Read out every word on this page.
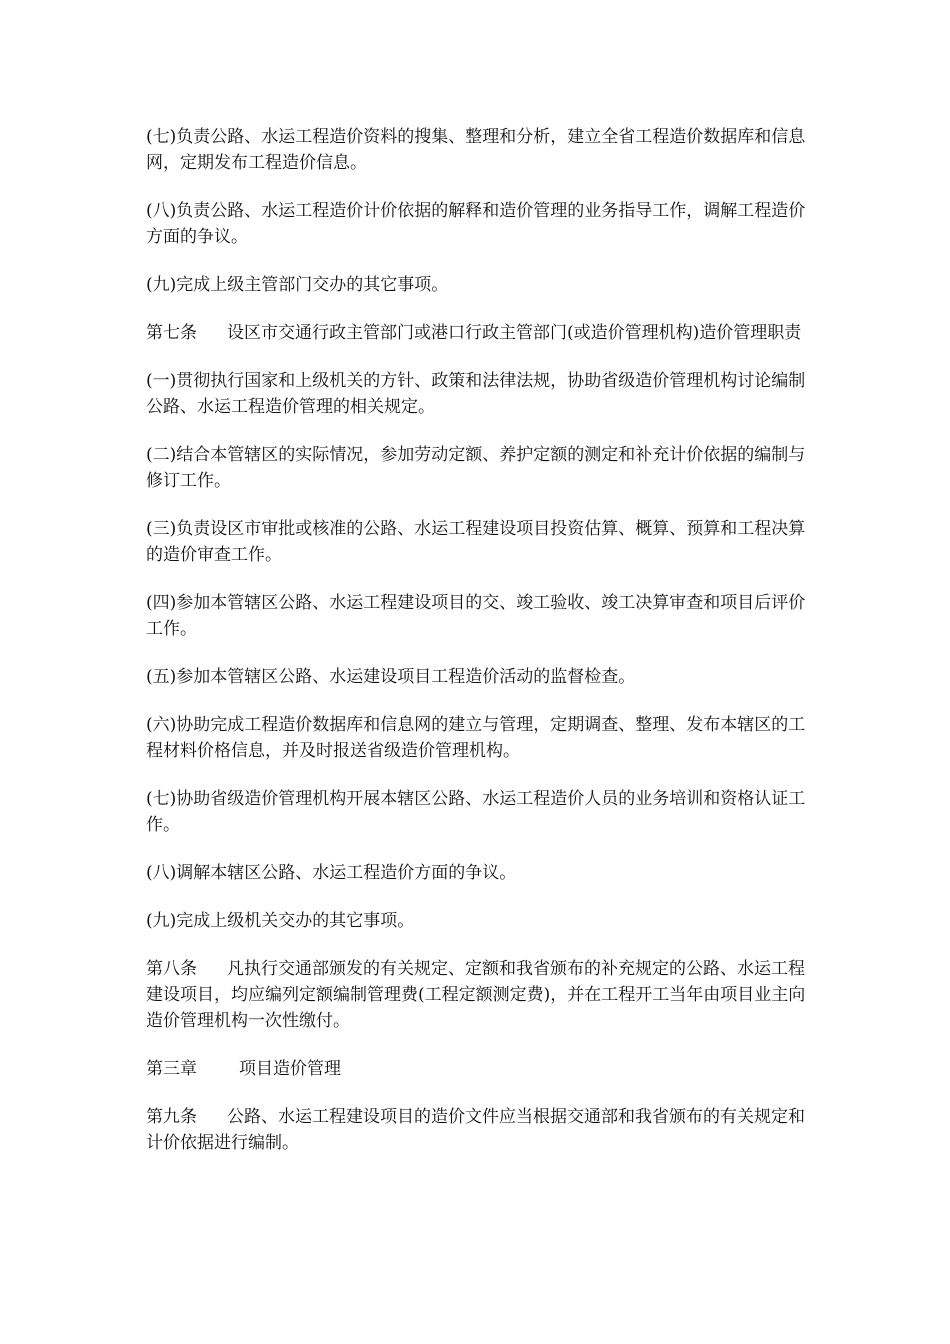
(七)负责公路、水运工程造价资料的搜集、整理和分析，建立全省工程造价数据库和信息网，定期发布工程造价信息。

(八)负责公路、水运工程造价计价依据的解释和造价管理的业务指导工作，调解工程造价方面的争议。

(九)完成上级主管部门交办的其它事项。

第七条 设区市交通行政主管部门或港口行政主管部门(或造价管理机构)造价管理职责

(一)贯彻执行国家和上级机关的方针、政策和法律法规，协助省级造价管理机构讨论编制公路、水运工程造价管理的相关规定。

(二)结合本管辖区的实际情况，参加劳动定额、养护定额的测定和补充计价依据的编制与修订工作。

(三)负责设区市审批或核准的公路、水运工程建设项目投资估算、概算、预算和工程决算的造价审查工作。

(四)参加本管辖区公路、水运工程建设项目的交、竣工验收、竣工决算审查和项目后评价工作。

(五)参加本管辖区公路、水运建设项目工程造价活动的监督检查。

(六)协助完成工程造价数据库和信息网的建立与管理，定期调查、整理、发布本辖区的工程材料价格信息，并及时报送省级造价管理机构。

(七)协助省级造价管理机构开展本辖区公路、水运工程造价人员的业务培训和资格认证工作。

(八)调解本辖区公路、水运工程造价方面的争议。

(九)完成上级机关交办的其它事项。

第八条 凡执行交通部颁发的有关规定、定额和我省颁布的补充规定的公路、水运工程建设项目，均应编列定额编制管理费(工程定额测定费)，并在工程开工当年由项目业主向造价管理机构一次性缴付。

第三章 项目造价管理

第九条 公路、水运工程建设项目的造价文件应当根据交通部和我省颁布的有关规定和计价依据进行编制。
